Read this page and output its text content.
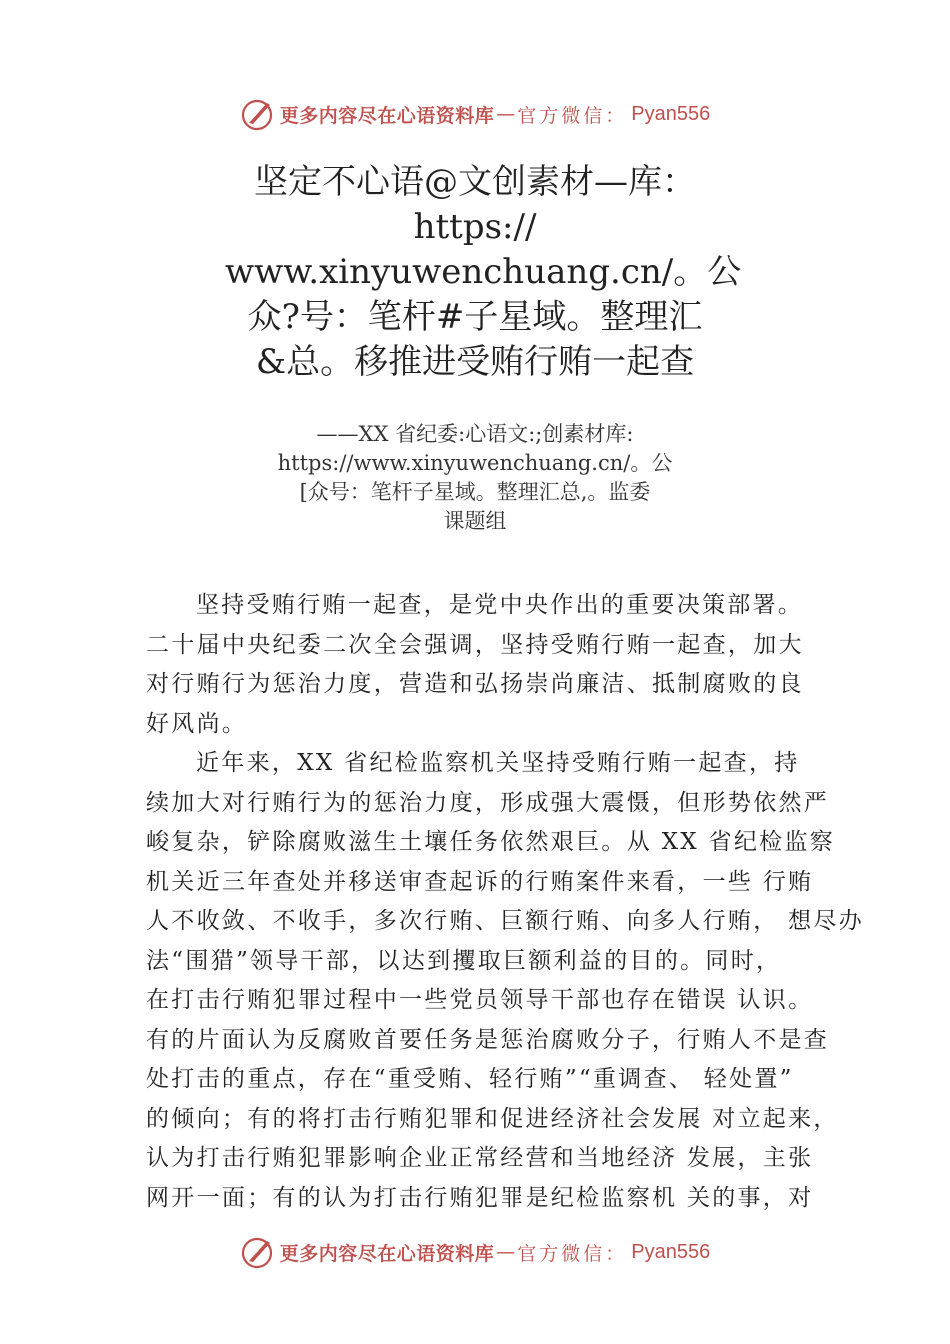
更多内容尽在心语资料库 — 官方微信： Pyan556
坚定不心语@文创素材—库：
https://
www.xinyuwenchuang.cn/。公
众?号：笔杆#子星域。整理汇
&总。移推进受贿行贿一起查
——XX 省纪委:心语文:;创素材库:
https://www.xinyuwenchuang.cn/。公
[众号：笔杆子星域。整理汇总,。监委
课题组
坚持受贿行贿一起查，是党中央作出的重要决策部署。
二十届中央纪委二次全会强调，坚持受贿行贿一起查，加大
对行贿行为惩治力度，营造和弘扬崇尚廉洁、抵制腐败的良
好风尚。
近年来，XX 省纪检监察机关坚持受贿行贿一起查，持
续加大对行贿行为的惩治力度，形成强大震慑，但形势依然严
峻复杂，铲除腐败滋生土壤任务依然艰巨。从 XX 省纪检监察
机关近三年查处并移送审查起诉的行贿案件来看，一些 行贿
人不收敛、不收手，多次行贿、巨额行贿、向多人行贿， 想尽办
法“围猎”领导干部，以达到攫取巨额利益的目的。同时，
在打击行贿犯罪过程中一些党员领导干部也存在错误 认识。
有的片面认为反腐败首要任务是惩治腐败分子，行贿人不是查
处打击的重点，存在“重受贿、轻行贿”“重调查、 轻处置”
的倾向；有的将打击行贿犯罪和促进经济社会发展 对立起来，
认为打击行贿犯罪影响企业正常经营和当地经济 发展，主张
网开一面；有的认为打击行贿犯罪是纪检监察机 关的事，对
更多内容尽在心语资料库 — 官方微信： Pyan556
